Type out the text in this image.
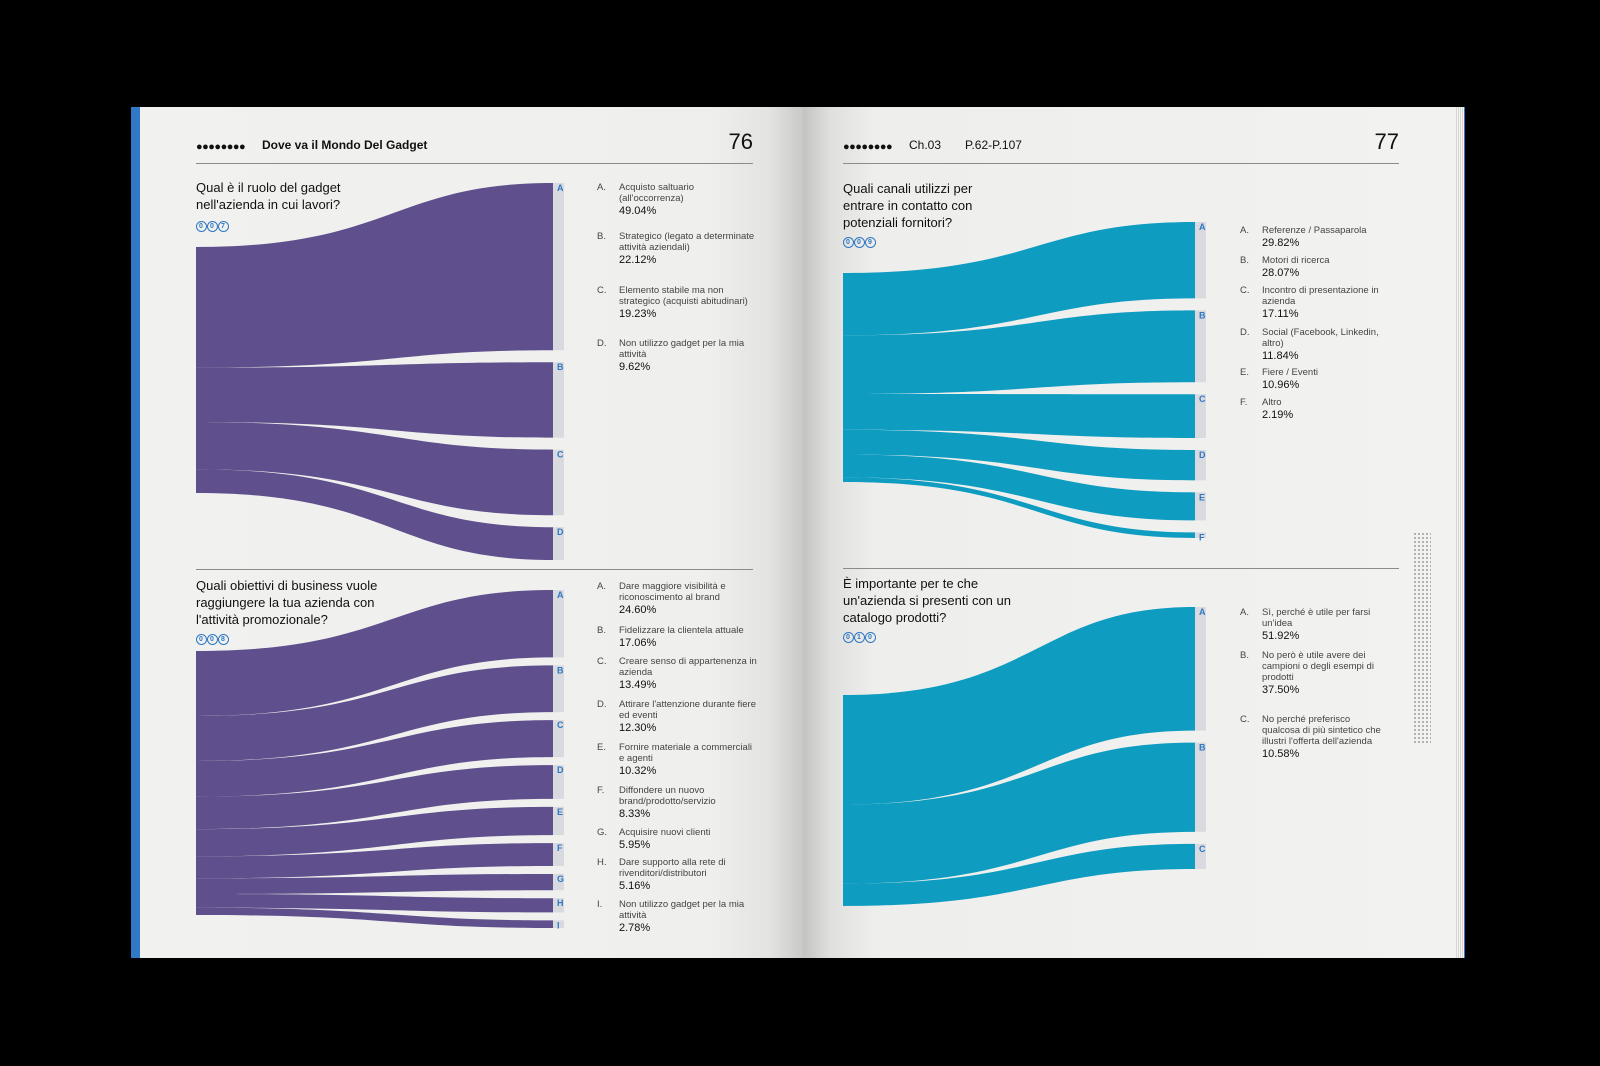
●●●●●●●● Dove va il Mondo Del Gadget	76	●●●●●●●● Ch.03 P.62-P.107	77
Qual è il ruolo del gadget nell'azienda in cui lavori?
0 0 7
A
B
C
D
A. Acquisto saltuario (all'occorrenza)
49.04%
B. Strategico (legato a determinate attività aziendali)
22.12%
C. Elemento stabile ma non strategico (acquisti abitudinari)
19.23%
D. Non utilizzo gadget per la mia attività
9.62%
Quali obiettivi di business vuole raggiungere la tua azienda con l'attività promozionale?
0 0 8
A
B
C
D
E
F
G
H
I
A. Dare maggiore visibilità e riconoscimento al brand
24.60%
B. Fidelizzare la clientela attuale
17.06%
C. Creare senso di appartenenza in azienda
13.49%
D. Attirare l'attenzione durante fiere ed eventi
12.30%
E. Fornire materiale a commerciali e agenti
10.32%
F. Diffondere un nuovo brand/prodotto/servizio
8.33%
G. Acquisire nuovi clienti
5.95%
H. Dare supporto alla rete di rivenditori/distributori
5.16%
I. Non utilizzo gadget per la mia attività
2.78%
Quali canali utilizzi per entrare in contatto con potenziali fornitori?
0 0 9
A
B
C
D
E
F
A. Referenze / Passaparola
29.82%
B. Motori di ricerca
28.07%
C. Incontro di presentazione in azienda
17.11%
D. Social (Facebook, Linkedin, altro)
11.84%
E. Fiere / Eventi
10.96%
F. Altro
2.19%
È importante per te che un'azienda si presenti con un catalogo prodotti?
0 1 0
A
B
C
A. Sì, perché è utile per farsi un'idea
51.92%
B. No però è utile avere dei campioni o degli esempi di prodotti
37.50%
C. No perché preferisco qualcosa di più sintetico che illustri l'offerta dell'azienda
10.58%
